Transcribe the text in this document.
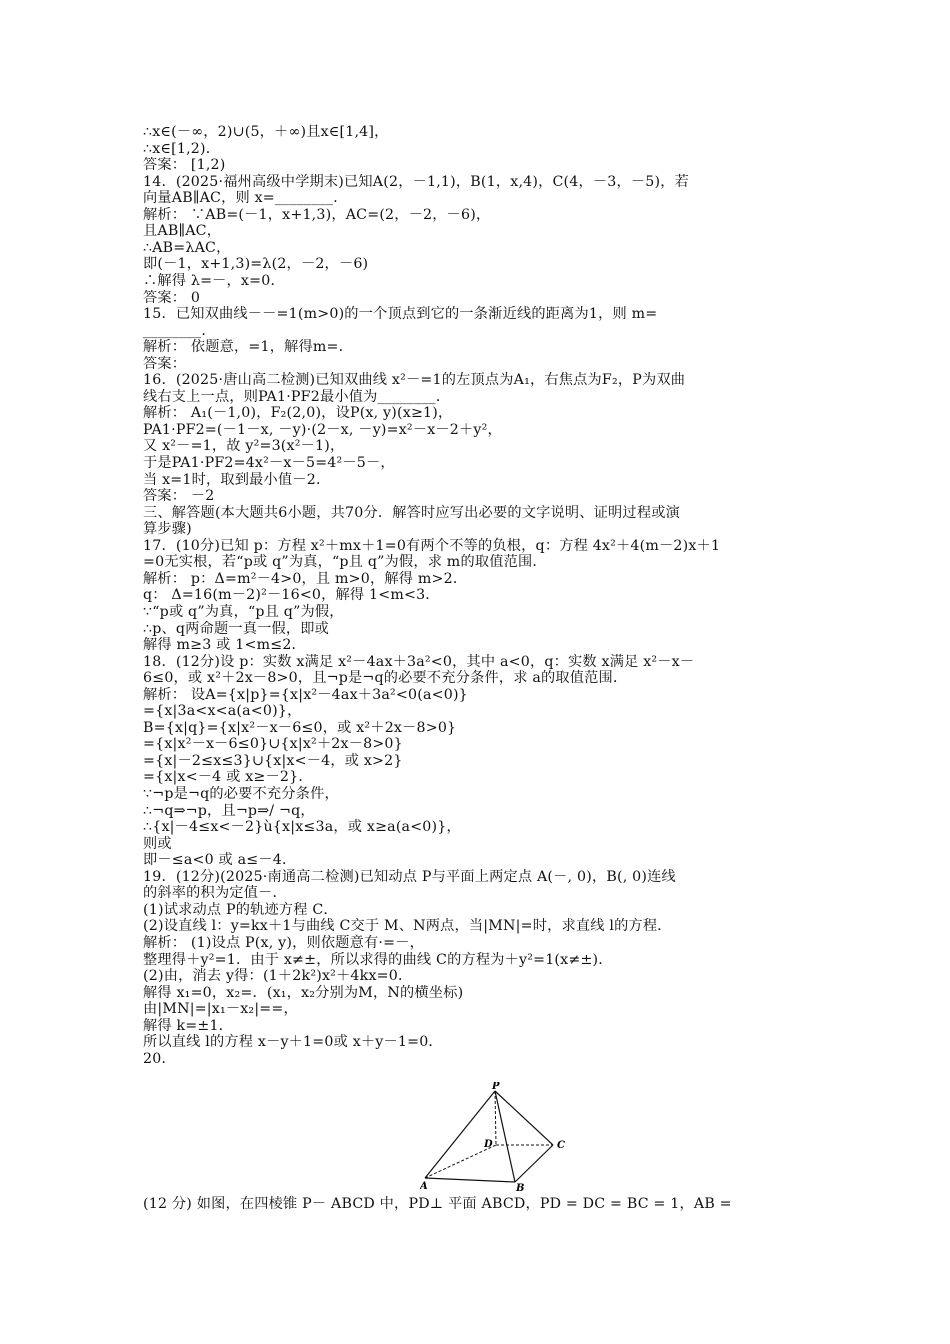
∴x∈(－∞，2)∪(5，＋∞)且x∈[1,4]，
∴x∈[1,2)．
答案： [1,2)
14．(2025·福州高级中学期末)已知A(2，－1,1)，B(1，x,4)，C(4，－3，－5)，若
向量AB∥AC，则 x=________．
解析： ∵AB=(－1，x+1,3)，AC=(2，－2，－6)，
且AB∥AC，
∴AB=λAC，
即(－1，x+1,3)=λ(2，－2，－6)
∴解得 λ=－，x=0．
答案： 0
15．已知双曲线－－=1(m>0)的一个顶点到它的一条渐近线的距离为1，则 m=
________．
解析： 依题意，=1，解得m=．
答案：
16．(2025·唐山高二检测)已知双曲线 x²－=1的左顶点为A₁，右焦点为F₂，P为双曲
线右支上一点，则PA1·PF2最小值为________．
解析： A₁(－1,0)，F₂(2,0)，设P(x, y)(x≥1)，
PA1·PF2=(－1－x, －y)·(2－x, －y)=x²－x－2＋y²，
又 x²－=1，故 y²=3(x²－1)，
于是PA1·PF2=4x²－x－5=4²－5－，
当 x=1时，取到最小值－2．
答案： －2
三、解答题(本大题共6小题，共70分．解答时应写出必要的文字说明、证明过程或演
算步骤)
17．(10分)已知 p：方程 x²＋mx＋1=0有两个不等的负根，q：方程 4x²＋4(m－2)x＋1
=0无实根，若“p或 q”为真，“p且 q”为假，求 m的取值范围．
解析： p：Δ=m²－4>0，且 m>0，解得 m>2．
q： Δ=16(m－2)²－16<0，解得 1<m<3．
∵“p或 q”为真，“p且 q”为假，
∴p、q两命题一真一假，即或
解得 m≥3 或 1<m≤2．
18．(12分)设 p：实数 x满足 x²－4ax＋3a²<0，其中 a<0，q：实数 x满足 x²－x－
6≤0，或 x²＋2x－8>0，且¬p是¬q的必要不充分条件，求 a的取值范围．
解析： 设A={x|p}={x|x²－4ax＋3a²<0(a<0)}
={x|3a<x<a(a<0)}，
B={x|q}={x|x²－x－6≤0，或 x²＋2x－8>0}
={x|x²－x－6≤0}∪{x|x²＋2x－8>0}
={x|－2≤x≤3}∪{x|x<－4，或 x>2}
={x|x<－4 或 x≥－2}．
∵¬p是¬q的必要不充分条件，
∴¬q⇒¬p，且¬p⇒/ ¬q，
∴{x|－4≤x<－2}ù{x|x≤3a，或 x≥a(a<0)}，
则或
即－≤a<0 或 a≤－4．
19．(12分)(2025·南通高二检测)已知动点 P与平面上两定点 A(－, 0)，B(, 0)连线
的斜率的积为定值－．
(1)试求动点 P的轨迹方程 C．
(2)设直线 l：y=kx＋1与曲线 C交于 M、N两点，当|MN|=时，求直线 l的方程．
解析： (1)设点 P(x, y)，则依题意有·=－，
整理得＋y²=1．由于 x≠±，所以求得的曲线 C的方程为＋y²=1(x≠±)．
(2)由，消去 y得：(1＋2k²)x²＋4kx=0．
解得 x₁=0，x₂=．(x₁，x₂分别为M，N的横坐标)
由|MN|=|x₁－x₂|==，
解得 k=±1．
所以直线 l的方程 x－y＋1=0或 x＋y－1=0．
20．
P
D	C
A	B
(12 分) 如图，在四棱锥 P－ ABCD 中，PD⊥ 平面 ABCD，PD = DC = BC = 1，AB =
